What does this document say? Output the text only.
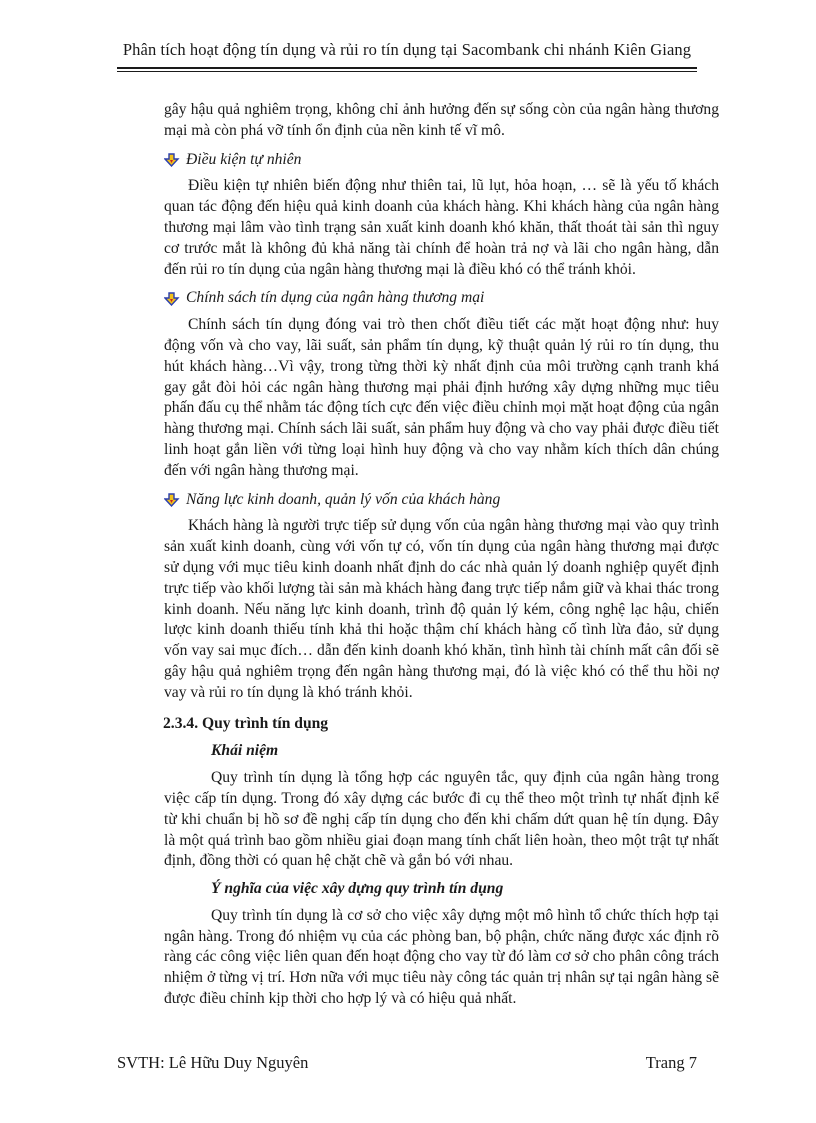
Phân tích hoạt động tín dụng và rủi ro tín dụng tại Sacombank chi nhánh Kiên Giang

gây hậu quả nghiêm trọng, không chỉ ảnh hưởng đến sự sống còn của ngân hàng thương mại mà còn phá vỡ tính ổn định của nền kinh tế vĩ mô.

Điều kiện tự nhiên

Điều kiện tự nhiên biến động như thiên tai, lũ lụt, hỏa hoạn, … sẽ là yếu tố khách quan tác động đến hiệu quả kinh doanh của khách hàng. Khi khách hàng của ngân hàng thương mại lâm vào tình trạng sản xuất kinh doanh khó khăn, thất thoát tài sản thì nguy cơ trước mắt là không đủ khả năng tài chính để hoàn trả nợ và lãi cho ngân hàng, dẫn đến rủi ro tín dụng của ngân hàng thương mại là điều khó có thể tránh khỏi.

Chính sách tín dụng của ngân hàng thương mại

Chính sách tín dụng đóng vai trò then chốt điều tiết các mặt hoạt động như: huy động vốn và cho vay, lãi suất, sản phẩm tín dụng, kỹ thuật quản lý rủi ro tín dụng, thu hút khách hàng…Vì vậy, trong từng thời kỳ nhất định của môi trường cạnh tranh khá gay gắt đòi hỏi các ngân hàng thương mại phải định hướng xây dựng những mục tiêu phấn đấu cụ thể nhằm tác động tích cực đến việc điều chỉnh mọi mặt hoạt động của ngân hàng thương mại. Chính sách lãi suất, sản phẩm huy động và cho vay phải được điều tiết linh hoạt gắn liền với từng loại hình huy động và cho vay nhằm kích thích dân chúng đến với ngân hàng thương mại.

Năng lực kinh doanh, quản lý vốn của khách hàng

Khách hàng là người trực tiếp sử dụng vốn của ngân hàng thương mại vào quy trình sản xuất kinh doanh, cùng với vốn tự có, vốn tín dụng của ngân hàng thương mại được sử dụng với mục tiêu kinh doanh nhất định do các nhà quản lý doanh nghiệp quyết định trực tiếp vào khối lượng tài sản mà khách hàng đang trực tiếp nắm giữ và khai thác trong kinh doanh. Nếu năng lực kinh doanh, trình độ quản lý kém, công nghệ lạc hậu, chiến lược kinh doanh thiếu tính khả thi hoặc thậm chí khách hàng cố tình lừa đảo, sử dụng vốn vay sai mục đích… dẫn đến kinh doanh khó khăn, tình hình tài chính mất cân đối sẽ gây hậu quả nghiêm trọng đến ngân hàng thương mại, đó là việc khó có thể thu hồi nợ vay và rủi ro tín dụng là khó tránh khỏi.

2.3.4. Quy trình tín dụng
Khái niệm

Quy trình tín dụng là tổng hợp các nguyên tắc, quy định của ngân hàng trong việc cấp tín dụng. Trong đó xây dựng các bước đi cụ thể theo một trình tự nhất định kể từ khi chuẩn bị hồ sơ đề nghị cấp tín dụng cho đến khi chấm dứt quan hệ tín dụng. Đây là một quá trình bao gồm nhiều giai đoạn mang tính chất liên hoàn, theo một trật tự nhất định, đồng thời có quan hệ chặt chẽ và gắn bó với nhau.

Ý nghĩa của việc xây dựng quy trình tín dụng

Quy trình tín dụng là cơ sở cho việc xây dựng một mô hình tổ chức thích hợp tại ngân hàng. Trong đó nhiệm vụ của các phòng ban, bộ phận, chức năng được xác định rõ ràng các công việc liên quan đến hoạt động cho vay từ đó làm cơ sở cho phân công trách nhiệm ở từng vị trí. Hơn nữa với mục tiêu này công tác quản trị nhân sự tại ngân hàng sẽ được điều chỉnh kịp thời cho hợp lý và có hiệu quả nhất.

SVTH: Lê Hữu Duy Nguyên	Trang 7
